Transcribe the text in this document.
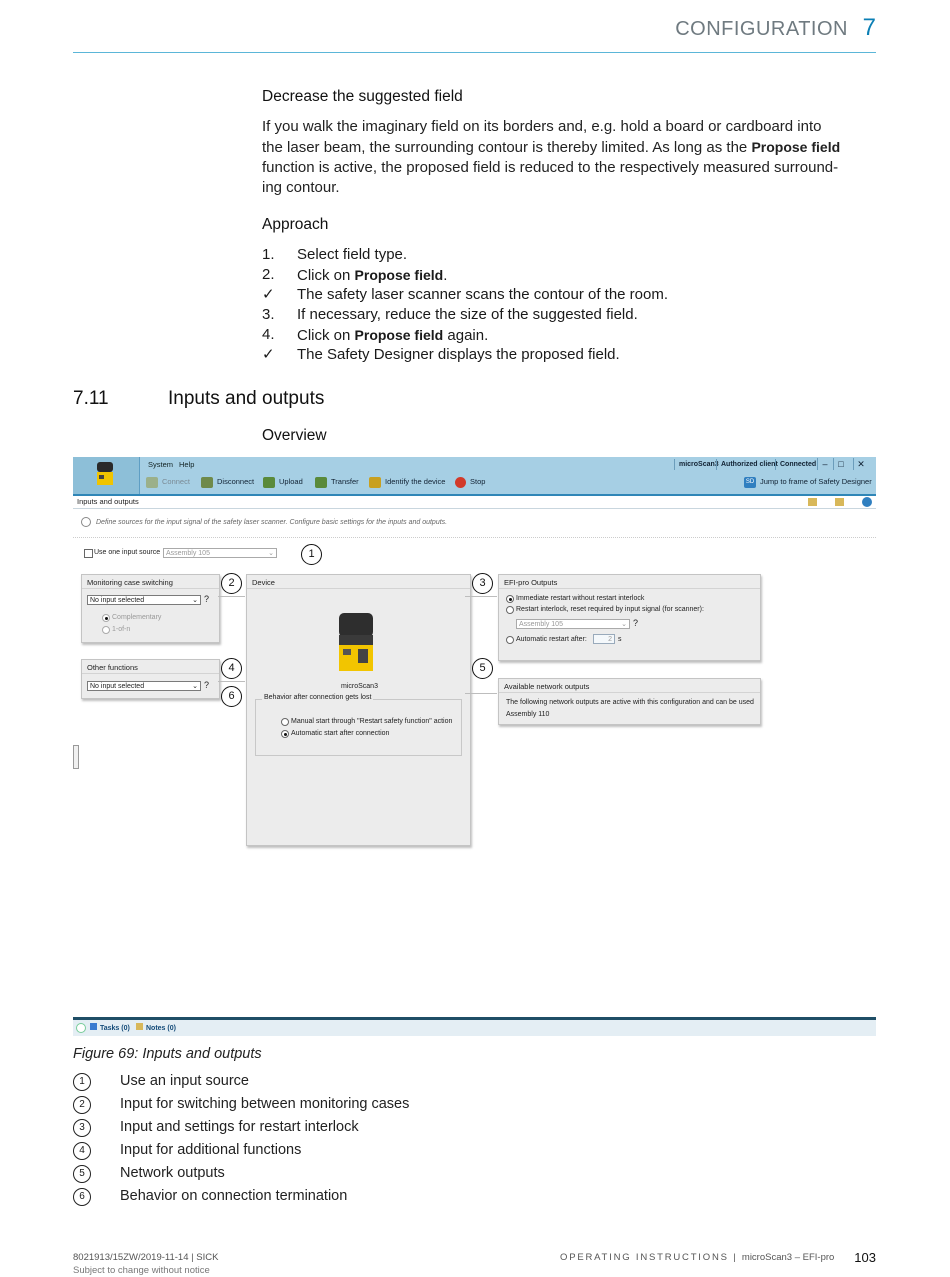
CONFIGURATION 7
Decrease the suggested field
If you walk the imaginary field on its borders and, e.g. hold a board or cardboard into
the laser beam, the surrounding contour is thereby limited. As long as the Propose field
function is active, the proposed field is reduced to the respectively measured surround-
ing contour.
Approach
1. Select field type.
2. Click on Propose field.
✓ The safety laser scanner scans the contour of the room.
3. If necessary, reduce the size of the suggested field.
4. Click on Propose field again.
✓ The Safety Designer displays the proposed field.
7.11	Inputs and outputs
Overview
System Help	microScan3 Authorized client Connected –	□	✕
Connect	Disconnect	Upload	Transfer	Identify the device	Stop	SD Jump to frame of Safety Designer
Inputs and outputs
Define sources for the input signal of the safety laser scanner. Configure basic settings for the inputs and outputs.
Use one input source Assembly 105	⌄
Monitoring case switching
No input selected	⌄ ?
Complementary
1-of-n
Other functions
No input selected	⌄ ?
Device
microScan3
Behavior after connection gets lost
Manual start through "Restart safety function" action
Automatic start after connection
EFI-pro Outputs
Immediate restart without restart interlock
Restart interlock, reset required by input signal (for scanner):
Assembly 105	⌄ ?
Automatic restart after:	2 s
Available network outputs
The following network outputs are active with this configuration and can be used
Assembly 110
1
2	3
4	5
6
Tasks (0)	Notes (0)
Figure 69: Inputs and outputs
1	Use an input source
2	Input for switching between monitoring cases
3	Input and settings for restart interlock
4	Input for additional functions
5	Network outputs
6	Behavior on connection termination
8021913/15ZW/2019-11-14 | SICK
Subject to change without notice
OPERATING INSTRUCTIONS | microScan3 – EFI-pro 103
